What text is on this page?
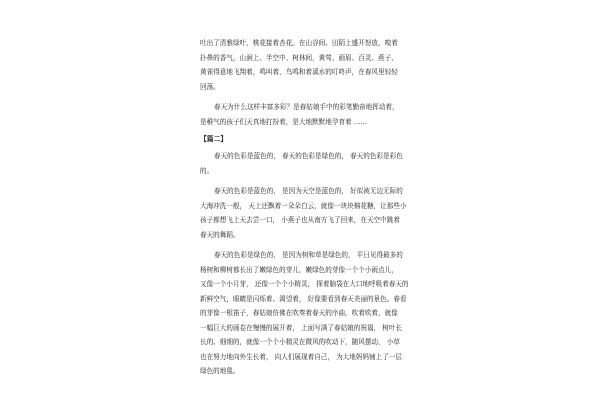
吐出了清雅绿叶，桃花接着杏花。在山谷间、田陌上盛开怒放，嗅着
扑鼻的香气，山涧上、半空中、树林间，黄莺、画眉、百灵、燕子、
黄雀得意地飞翔着，鸣叫着，鸟鸣和着溪水的叮咚声，在春风里轻轻
回荡。

春天为什么这样丰富多彩？是春姑娘手中的彩笔勤奋地挥动着，
是稚气的孩子们天真地打扮着，是大地默默地孕育着 ……

【篇二】

春天的色彩是蓝色的， 春天的色彩是绿色的， 春天的色彩是彩色
的。

春天的色彩是蓝色的， 是因为天空是蓝色的， 好似被无边无际的
大海冲洗一般， 天上还飘着一朵朵白云，就像一块块棉花糖，让那些小
孩子都想飞上天去尝一口， 小燕子也从南方飞了回来，在天空中跳着
春天的舞蹈。

春天的色彩是绿色的， 是因为树和草是绿色的， 平日见得最多的
杨树和柳树都长出了嫩绿色的芽儿，嫩绿色的芽像一个个小雨点儿，
又像一个小月芽， 还像一个个小精灵， 探着脑袋在大口地呼吸着春天的
新鲜空气，眼睛是闪烁着、渴望着， 好像要看到春天美丽的景色。春看
的芽像一根笛子，春姑娘仿佛在吹奏着春天的序曲，吹着吹着，就像
一幅巨大的画卷在慢慢的展开着， 上面写满了春姑娘的祝福， 树叶长
长的、细细的，就像一个个小精灵在微风的吹动下，随风摆动， 小草
也在努力地向外生长着， 向人们展现着自己， 为大地妈妈铺上了一层
绿色的地毯。
